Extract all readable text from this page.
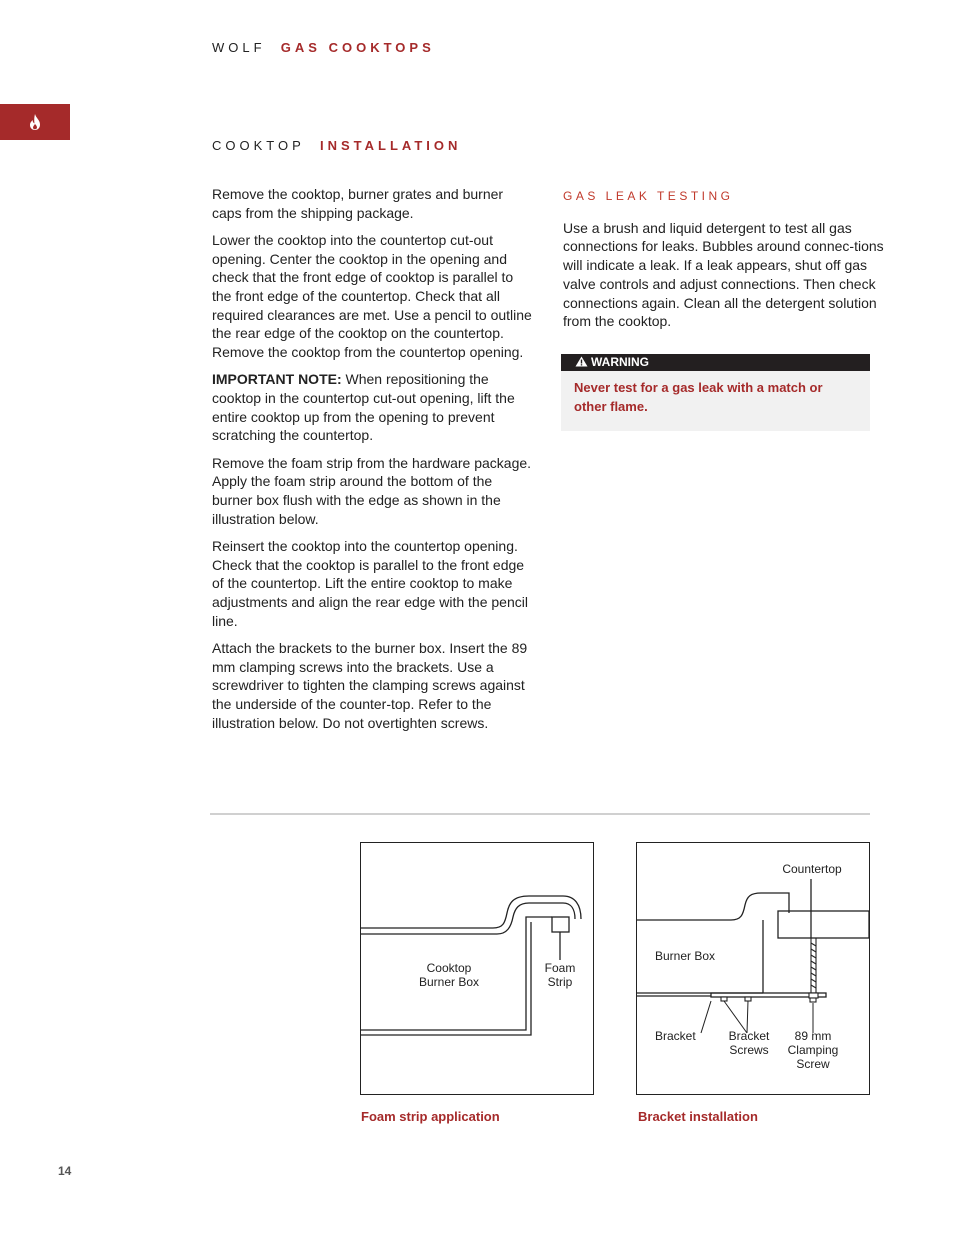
WOLF GAS COOKTOPS
COOKTOP INSTALLATION

Remove the cooktop, burner grates and burner caps from the shipping package.

Lower the cooktop into the countertop cut-out opening. Center the cooktop in the opening and check that the front edge of cooktop is parallel to the front edge of the countertop. Check that all required clearances are met. Use a pencil to outline the rear edge of the cooktop on the countertop. Remove the cooktop from the countertop opening.

IMPORTANT NOTE: When repositioning the cooktop in the countertop cut-out opening, lift the entire cooktop up from the opening to prevent scratching the countertop.

Remove the foam strip from the hardware package. Apply the foam strip around the bottom of the burner box flush with the edge as shown in the illustration below.

Reinsert the cooktop into the countertop opening. Check that the cooktop is parallel to the front edge of the countertop. Lift the entire cooktop to make adjustments and align the rear edge with the pencil line.

Attach the brackets to the burner box. Insert the 89 mm clamping screws into the brackets. Use a screwdriver to tighten the clamping screws against the underside of the counter-top. Refer to the illustration below. Do not overtighten screws.

GAS LEAK TESTING

Use a brush and liquid detergent to test all gas connections for leaks. Bubbles around connec-tions will indicate a leak. If a leak appears, shut off gas valve controls and adjust connections. Then check connections again. Clean all the detergent solution from the cooktop.

WARNING
Never test for a gas leak with a match or other flame.
Cooktop
Burner Box
Foam
Strip
Foam strip application
Countertop
Burner Box
Bracket	Bracket
Screws
89 mm
Clamping
Screw
Bracket installation
14
